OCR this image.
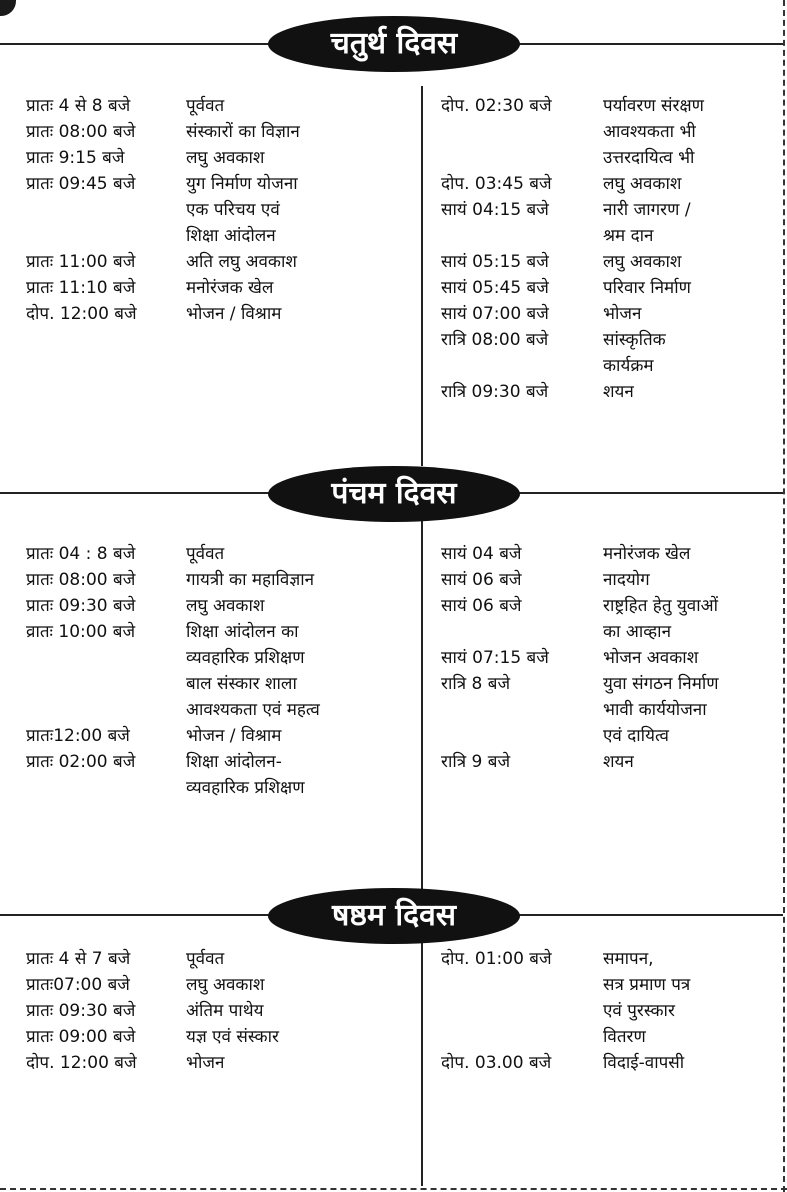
चतुर्थ दिवस
प्रातः 4 से 8 बजे	पूर्ववत
प्रातः 08:00 बजे	संस्कारों का विज्ञान
प्रातः 9:15 बजे	लघु अवकाश
प्रातः 09:45 बजे	युग निर्माण योजना
एक परिचय एवं
शिक्षा आंदोलन
प्रातः 11:00 बजे	अति लघु अवकाश
प्रातः 11:10 बजे	मनोरंजक खेल
दोप. 12:00 बजे	भोजन / विश्राम
दोप. 02:30 बजे	पर्यावरण संरक्षण
आवश्यकता भी
उत्तरदायित्व भी
दोप. 03:45 बजे	लघु अवकाश
सायं 04:15 बजे	नारी जागरण /
श्रम दान
सायं 05:15 बजे	लघु अवकाश
सायं 05:45 बजे	परिवार निर्माण
सायं 07:00 बजे	भोजन
रात्रि 08:00 बजे	सांस्कृतिक
कार्यक्रम
रात्रि 09:30 बजे	शयन
पंचम दिवस
प्रातः 04 : 8 बजे	पूर्ववत
प्रातः 08:00 बजे	गायत्री का महाविज्ञान
प्रातः 09:30 बजे	लघु अवकाश
व्रातः 10:00 बजे	शिक्षा आंदोलन का
व्यवहारिक प्रशिक्षण
बाल संस्कार शाला
आवश्यकता एवं महत्व
प्रातः12:00 बजे	भोजन / विश्राम
प्रातः 02:00 बजे	शिक्षा आंदोलन-
व्यवहारिक प्रशिक्षण
सायं 04 बजे	मनोरंजक खेल
सायं 06 बजे	नादयोग
सायं 06 बजे	राष्ट्रहित हेतु युवाओं
का आव्हान
सायं 07:15 बजे	भोजन अवकाश
रात्रि 8 बजे	युवा संगठन निर्माण
भावी कार्ययोजना
एवं दायित्व
रात्रि 9 बजे	शयन
षष्ठम दिवस
प्रातः 4 से 7 बजे	पूर्ववत
प्रातः07:00 बजे	लघु अवकाश
प्रातः 09:30 बजे	अंतिम पाथेय
प्रातः 09:00 बजे	यज्ञ एवं संस्कार
दोप. 12:00 बजे	भोजन
दोप. 01:00 बजे	समापन,
सत्र प्रमाण पत्र
एवं पुरस्कार
वितरण
दोप. 03.00 बजे	विदाई-वापसी
